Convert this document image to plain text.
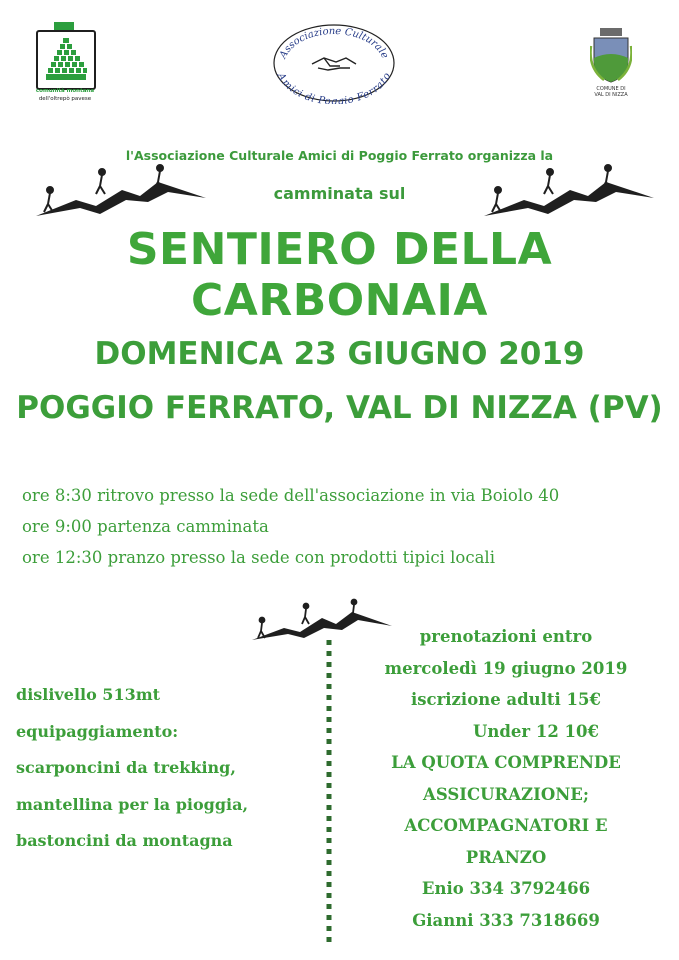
comunità montana
dell'oltrepò pavese
Associazione Culturale
Amici di Poggio Ferrato
COMUNE DI
VAL DI NIZZA
l'Associazione Culturale Amici di Poggio Ferrato organizza la
camminata sul
SENTIERO DELLA CARBONAIA
DOMENICA 23 GIUGNO 2019
POGGIO FERRATO, VAL DI NIZZA (PV)
ore 8:30 ritrovo presso la sede dell'associazione in via Boiolo 40
ore 9:00 partenza camminata
ore 12:30 pranzo presso la sede con prodotti tipici locali
dislivello 513mt
equipaggiamento:
scarponcini da trekking,
mantellina per la pioggia,
bastoncini da montagna
prenotazioni entro
mercoledì 19 giugno 2019
iscrizione adulti 15€
Under 12 10€
LA QUOTA COMPRENDE
ASSICURAZIONE;
ACCOMPAGNATORI E
PRANZO
Enio 334 3792466
Gianni 333 7318669
